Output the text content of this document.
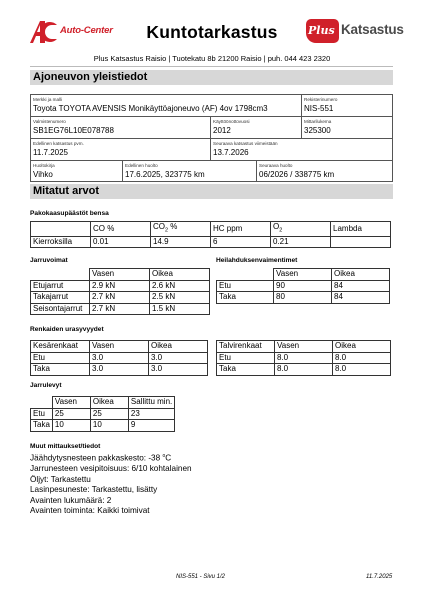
Auto-Center	Kuntotarkastus	Plus Katsastus
Plus Katsastus Raisio | Tuotekatu 8b 21200 Raisio | puh. 044 423 2320
Ajoneuvon yleistiedot
Merkki ja malli
Toyota TOYOTA AVENSIS Monikäyttöajoneuvo (AF) 4ov 1798cm3
Rekisterinumero
NIS-551
Valmistenumero
SB1EG76L10E078788
Käyttöönottovuosi
2012
Mittarilukema
325300
Edellinen katsastus pvm.
11.7.2025
Seuraava katsastus viimeistään
13.7.2026
Huoltokirja
Vihko
Edellinen huolto
17.6.2025, 323775 km
Seuraava huolto
06/2026 / 338775 km
Mitatut arvot
Pakokaasupäästöt bensa
	CO %	$CO_2$ %	HC ppm	$O_2$	Lambda
Kierroksilla	0.01	14.9	6	0.21	
Jarruvoimat
	Vasen	Oikea
Etujarrut	2.9 kN	2.6 kN
Takajarrut	2.7 kN	2.5 kN
Seisontajarrut	2.7 kN	1.5 kN
Heilahduksenvaimentimet
	Vasen	Oikea
Etu	90	84
Taka	80	84
Renkaiden urasyvyydet
Kesärenkaat	Vasen	Oikea
Etu	3.0	3.0
Taka	3.0	3.0
Talvirenkaat	Vasen	Oikea
Etu	8.0	8.0
Taka	8.0	8.0
Jarrulevyt
	Vasen	Oikea	Sallittu min.
Etu	25	25	23
Taka	10	10	9
Muut mittaukset/tiedot
Jäähdytysnesteen pakkaskesto: -38 $^o$C
Jarrunesteen vesipitoisuus: 6/10 kohtalainen
Öljyt: Tarkastettu
Lasinpesuneste: Tarkastettu, lisätty
Avainten lukumäärä: 2
Avainten toiminta: Kaikki toimivat
NIS-551 - Sivu 1/2	11.7.2025
